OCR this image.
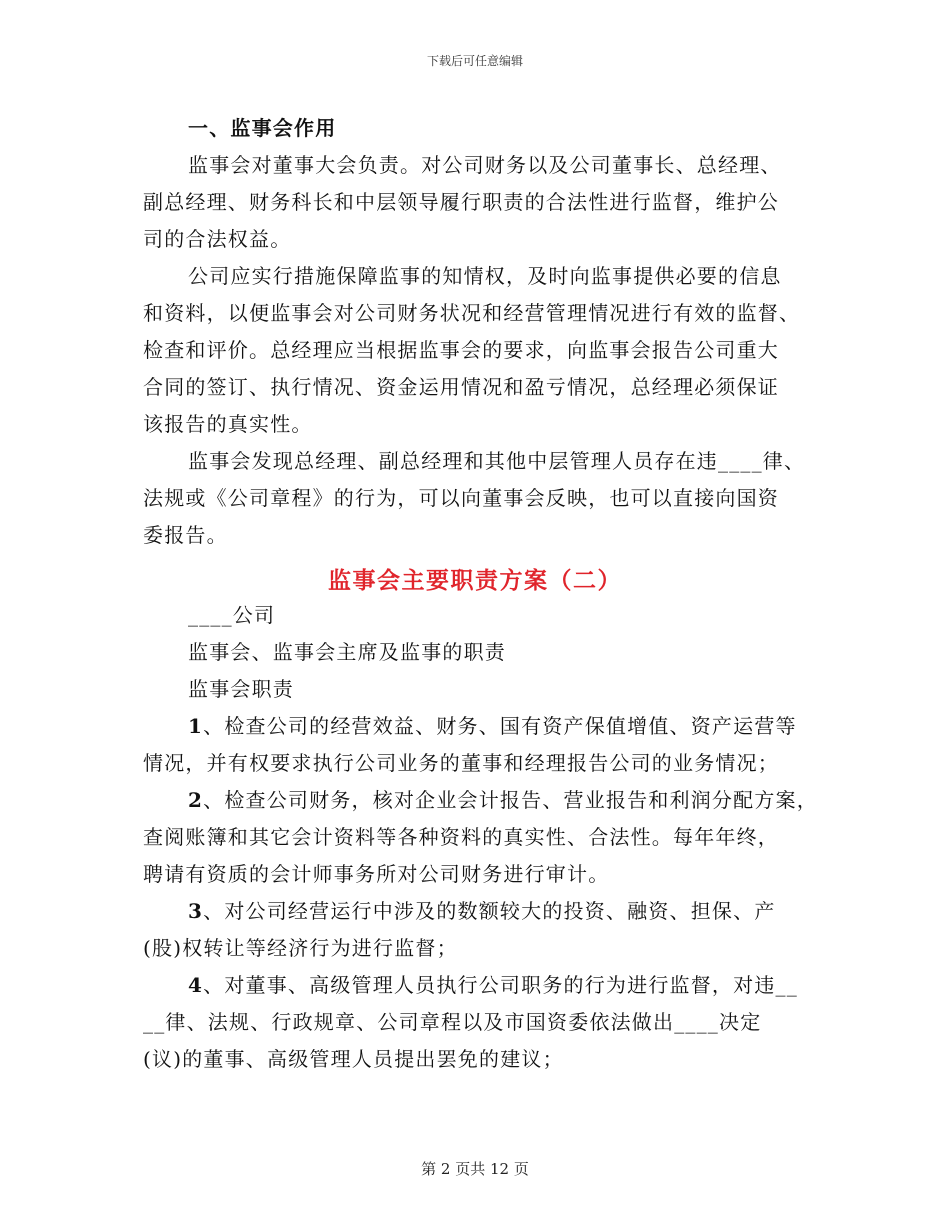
下载后可任意编辑
一、监事会作用
监事会对董事大会负责。对公司财务以及公司董事长、总经理、
副总经理、财务科长和中层领导履行职责的合法性进行监督，维护公
司的合法权益。
公司应实行措施保障监事的知情权，及时向监事提供必要的信息
和资料，以便监事会对公司财务状况和经营管理情况进行有效的监督、
检查和评价。总经理应当根据监事会的要求，向监事会报告公司重大
合同的签订、执行情况、资金运用情况和盈亏情况，总经理必须保证
该报告的真实性。
监事会发现总经理、副总经理和其他中层管理人员存在违____律、
法规或《公司章程》的行为，可以向董事会反映，也可以直接向国资
委报告。
监事会主要职责方案（二）
____公司
监事会、监事会主席及监事的职责
监事会职责
1、检查公司的经营效益、财务、国有资产保值增值、资产运营等
情况，并有权要求执行公司业务的董事和经理报告公司的业务情况；
2、检查公司财务，核对企业会计报告、营业报告和利润分配方案，
查阅账簿和其它会计资料等各种资料的真实性、合法性。每年年终，
聘请有资质的会计师事务所对公司财务进行审计。
3、对公司经营运行中涉及的数额较大的投资、融资、担保、产
(股)权转让等经济行为进行监督；
4、对董事、高级管理人员执行公司职务的行为进行监督，对违__
__律、法规、行政规章、公司章程以及市国资委依法做出____决定
(议)的董事、高级管理人员提出罢免的建议；
第 2 页共 12 页
